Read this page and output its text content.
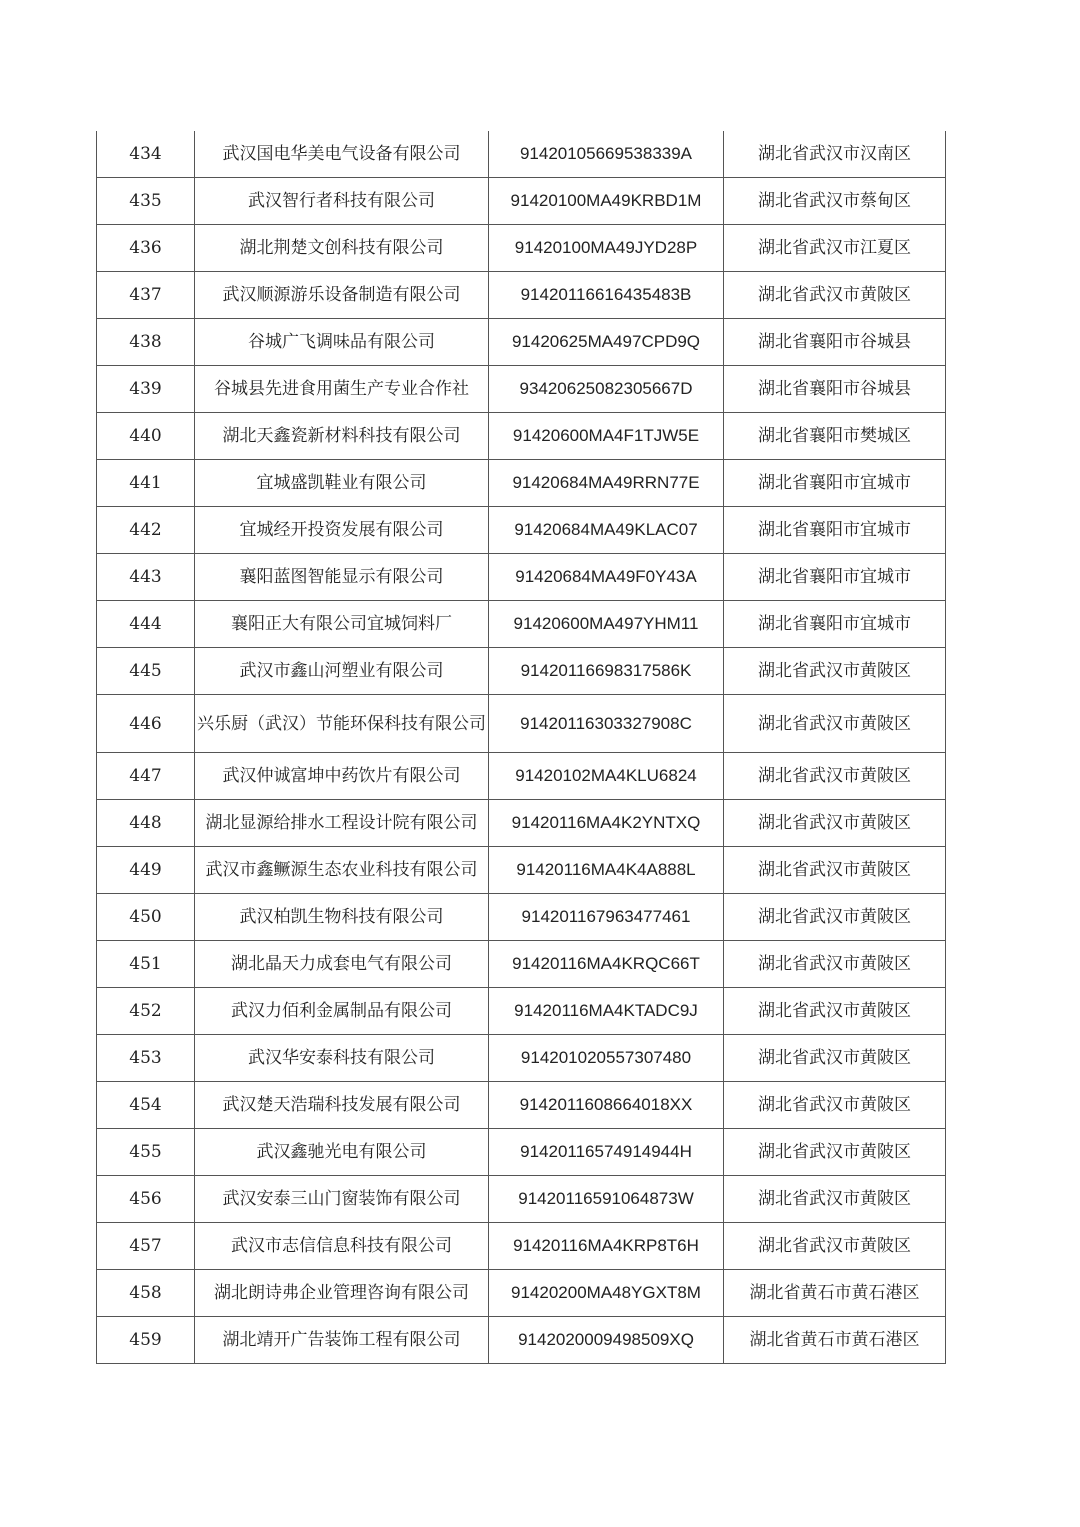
434	武汉国电华美电气设备有限公司	91420105669538339A	湖北省武汉市汉南区
435	武汉智行者科技有限公司	91420100MA49KRBD1M	湖北省武汉市蔡甸区
436	湖北荆楚文创科技有限公司	91420100MA49JYD28P	湖北省武汉市江夏区
437	武汉顺源游乐设备制造有限公司	91420116616435483B	湖北省武汉市黄陂区
438	谷城广飞调味品有限公司	91420625MA497CPD9Q	湖北省襄阳市谷城县
439	谷城县先进食用菌生产专业合作社	93420625082305667D	湖北省襄阳市谷城县
440	湖北天鑫瓷新材料科技有限公司	91420600MA4F1TJW5E	湖北省襄阳市樊城区
441	宜城盛凯鞋业有限公司	91420684MA49RRN77E	湖北省襄阳市宜城市
442	宜城经开投资发展有限公司	91420684MA49KLAC07	湖北省襄阳市宜城市
443	襄阳蓝图智能显示有限公司	91420684MA49F0Y43A	湖北省襄阳市宜城市
444	襄阳正大有限公司宜城饲料厂	91420600MA497YHM11	湖北省襄阳市宜城市
445	武汉市鑫山河塑业有限公司	91420116698317586K	湖北省武汉市黄陂区
446	兴乐厨（武汉）节能环保科技有限公司	91420116303327908C	湖北省武汉市黄陂区
447	武汉仲诚富坤中药饮片有限公司	91420102MA4KLU6824	湖北省武汉市黄陂区
448	湖北显源给排水工程设计院有限公司	91420116MA4K2YNTXQ	湖北省武汉市黄陂区
449	武汉市鑫鳜源生态农业科技有限公司	91420116MA4K4A888L	湖北省武汉市黄陂区
450	武汉柏凯生物科技有限公司	914201167963477461	湖北省武汉市黄陂区
451	湖北晶天力成套电气有限公司	91420116MA4KRQC66T	湖北省武汉市黄陂区
452	武汉力佰利金属制品有限公司	91420116MA4KTADC9J	湖北省武汉市黄陂区
453	武汉华安泰科技有限公司	914201020557307480	湖北省武汉市黄陂区
454	武汉楚天浩瑞科技发展有限公司	9142011608664018XX	湖北省武汉市黄陂区
455	武汉鑫驰光电有限公司	91420116574914944H	湖北省武汉市黄陂区
456	武汉安泰三山门窗装饰有限公司	91420116591064873W	湖北省武汉市黄陂区
457	武汉市志信信息科技有限公司	91420116MA4KRP8T6H	湖北省武汉市黄陂区
458	湖北朗诗弗企业管理咨询有限公司	91420200MA48YGXT8M	湖北省黄石市黄石港区
459	湖北靖开广告装饰工程有限公司	9142020009498509XQ	湖北省黄石市黄石港区
